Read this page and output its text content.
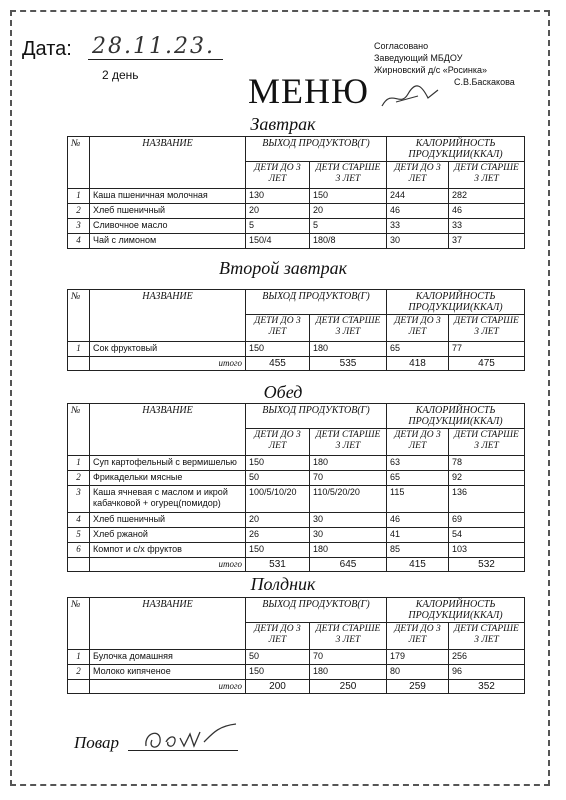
Дата: 28.11.23.
2 день	МЕНЮ
Согласовано
Заведующий МБДОУ
Жирновский д/с «Росинка»
С.В.Баскакова
Завтрак
Второй завтрак
Обед
Полдник
№	НАЗВАНИЕ	ВЫХОД ПРОДУКТОВ(Г)		КАЛОРИЙНОСТЬ ПРОДУКЦИИ(ККАЛ)	
		ДЕТИ ДО 3 ЛЕТ	ДЕТИ СТАРШЕ 3 ЛЕТ	ДЕТИ ДО 3 ЛЕТ	ДЕТИ СТАРШЕ 3 ЛЕТ
1	Каша пшеничная молочная	130	150	244	282
2	Хлеб пшеничный	20	20	46	46
3	Сливочное масло	5	5	33	33
4	Чай с лимоном	150/4	180/8	30	37
№	НАЗВАНИЕ	ВЫХОД ПРОДУКТОВ(Г)		КАЛОРИЙНОСТЬ ПРОДУКЦИИ(ККАЛ)	
		ДЕТИ ДО 3 ЛЕТ	ДЕТИ СТАРШЕ 3 ЛЕТ	ДЕТИ ДО 3 ЛЕТ	ДЕТИ СТАРШЕ 3 ЛЕТ
1	Сок фруктовый	150	180	65	77
	итого	455	535	418	475
№	НАЗВАНИЕ	ВЫХОД ПРОДУКТОВ(Г)		КАЛОРИЙНОСТЬ ПРОДУКЦИИ(ККАЛ)	
		ДЕТИ ДО 3 ЛЕТ	ДЕТИ СТАРШЕ 3 ЛЕТ	ДЕТИ ДО 3 ЛЕТ	ДЕТИ СТАРШЕ 3 ЛЕТ
1	Суп картофельный с вермишелью	150	180	63	78
2	Фрикадельки мясные	50	70	65	92
3	Каша ячневая с маслом и икрой кабачковой + огурец(помидор)	100/5/10/20	110/5/20/20	115	136
4	Хлеб пшеничный	20	30	46	69
5	Хлеб ржаной	26	30	41	54
6	Компот и с/х фруктов	150	180	85	103
	итого	531	645	415	532
№	НАЗВАНИЕ	ВЫХОД ПРОДУКТОВ(Г)		КАЛОРИЙНОСТЬ ПРОДУКЦИИ(ККАЛ)	
		ДЕТИ ДО 3 ЛЕТ	ДЕТИ СТАРШЕ 3 ЛЕТ	ДЕТИ ДО 3 ЛЕТ	ДЕТИ СТАРШЕ 3 ЛЕТ
1	Булочка домашняя	50	70	179	256
2	Молоко кипяченое	150	180	80	96
	итого	200	250	259	352
Повар
